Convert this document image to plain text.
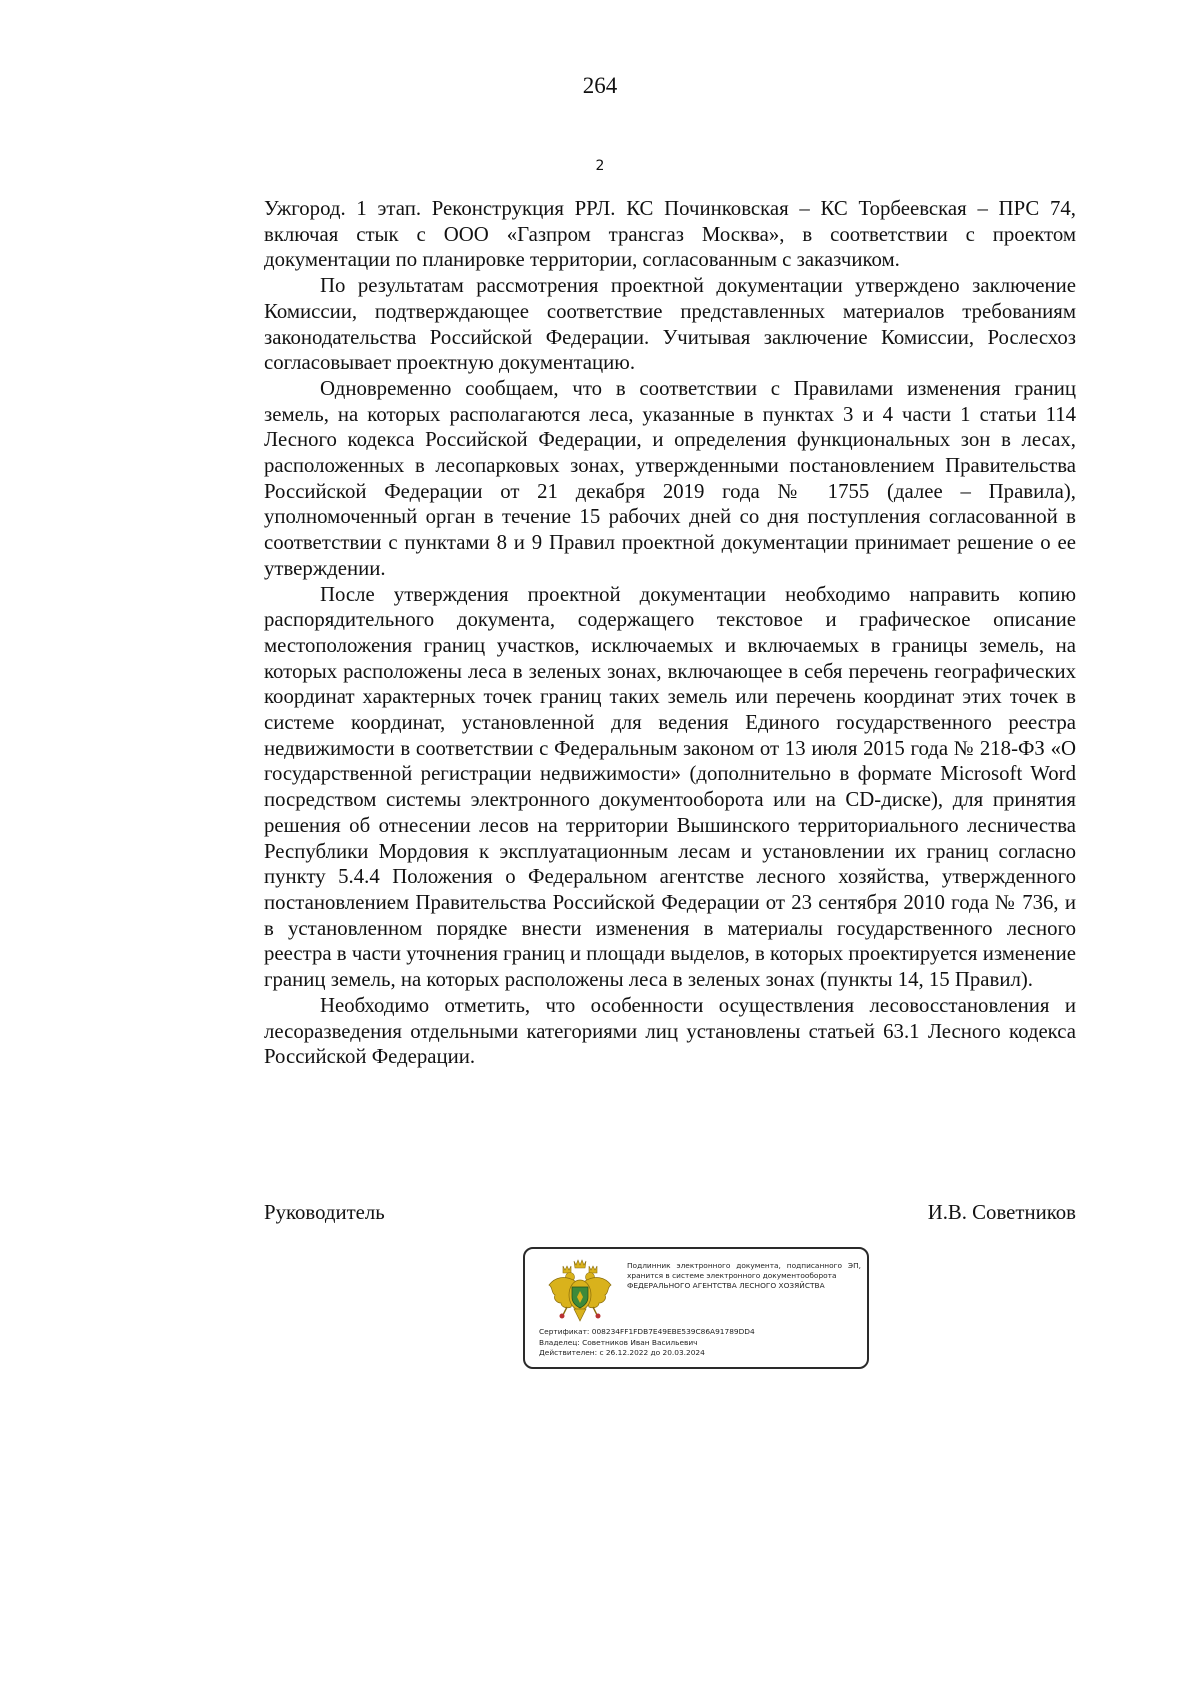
264
2

Ужгород. 1 этап. Реконструкция РРЛ. КС Починковская – КС Торбеевская – ПРС 74, включая стык с ООО «Газпром трансгаз Москва», в соответствии с проектом документации по планировке территории, согласованным с заказчиком.

По результатам рассмотрения проектной документации утверждено заключение Комиссии, подтверждающее соответствие представленных материалов требованиям законодательства Российской Федерации. Учитывая заключение Комиссии, Рослесхоз согласовывает проектную документацию.

Одновременно сообщаем, что в соответствии с Правилами изменения границ земель, на которых располагаются леса, указанные в пунктах 3 и 4 части 1 статьи 114 Лесного кодекса Российской Федерации, и определения функциональных зон в лесах, расположенных в лесопарковых зонах, утвержденными постановлением Правительства Российской Федерации от 21 декабря 2019 года № 1755 (далее – Правила), уполномоченный орган в течение 15 рабочих дней со дня поступления согласованной в соответствии с пунктами 8 и 9 Правил проектной документации принимает решение о ее утверждении.

После утверждения проектной документации необходимо направить копию распорядительного документа, содержащего текстовое и графическое описание местоположения границ участков, исключаемых и включаемых в границы земель, на которых расположены леса в зеленых зонах, включающее в себя перечень географических координат характерных точек границ таких земель или перечень координат этих точек в системе координат, установленной для ведения Единого государственного реестра недвижимости в соответствии с Федеральным законом от 13 июля 2015 года № 218-ФЗ «О государственной регистрации недвижимости» (дополнительно в формате Microsoft Word посредством системы электронного документооборота или на CD-диске), для принятия решения об отнесении лесов на территории Вышинского территориального лесничества Республики Мордовия к эксплуатационным лесам и установлении их границ согласно пункту 5.4.4 Положения о Федеральном агентстве лесного хозяйства, утвержденного постановлением Правительства Российской Федерации от 23 сентября 2010 года № 736, и в установленном порядке внести изменения в материалы государственного лесного реестра в части уточнения границ и площади выделов, в которых проектируется изменение границ земель, на которых расположены леса в зеленых зонах (пункты 14, 15 Правил).

Необходимо отметить, что особенности осуществления лесовосстановления и лесоразведения отдельными категориями лиц установлены статьей 63.1 Лесного кодекса Российской Федерации.

Руководитель	И.В. Советников
Подлинник электронного документа, подписанного ЭП, хранится в системе электронного документооборота
ФЕДЕРАЛЬНОГО АГЕНТСТВА ЛЕСНОГО ХОЗЯЙСТВА
Сертификат: 008234FF1FDB7E49EBE539C86A91789DD4
Владелец: Советников Иван Васильевич
Действителен: с 26.12.2022 до 20.03.2024
